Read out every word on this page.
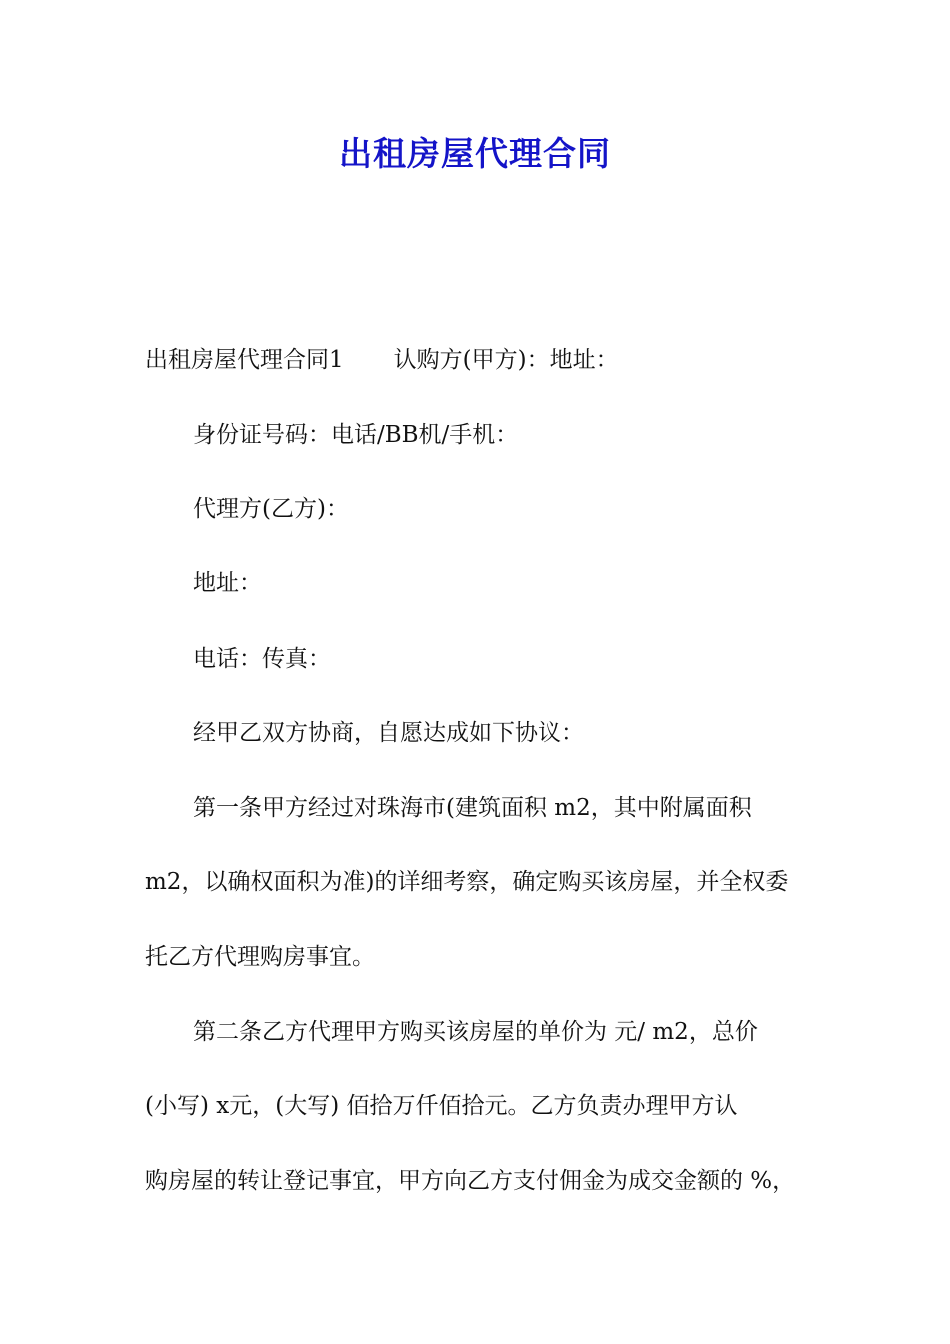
出租房屋代理合同
出租房屋代理合同1 认购方(甲方)：地址：
身份证号码：电话/BB机/手机：
代理方(乙方)：
地址：
电话：传真：
经甲乙双方协商，自愿达成如下协议：
第一条甲方经过对珠海市(建筑面积 m2，其中附属面积
m2，以确权面积为准)的详细考察，确定购买该房屋，并全权委
托乙方代理购房事宜。
第二条乙方代理甲方购买该房屋的单价为 元/ m2，总价
(小写) x元，(大写) 佰拾万仟佰拾元。乙方负责办理甲方认
购房屋的转让登记事宜，甲方向乙方支付佣金为成交金额的 %，
